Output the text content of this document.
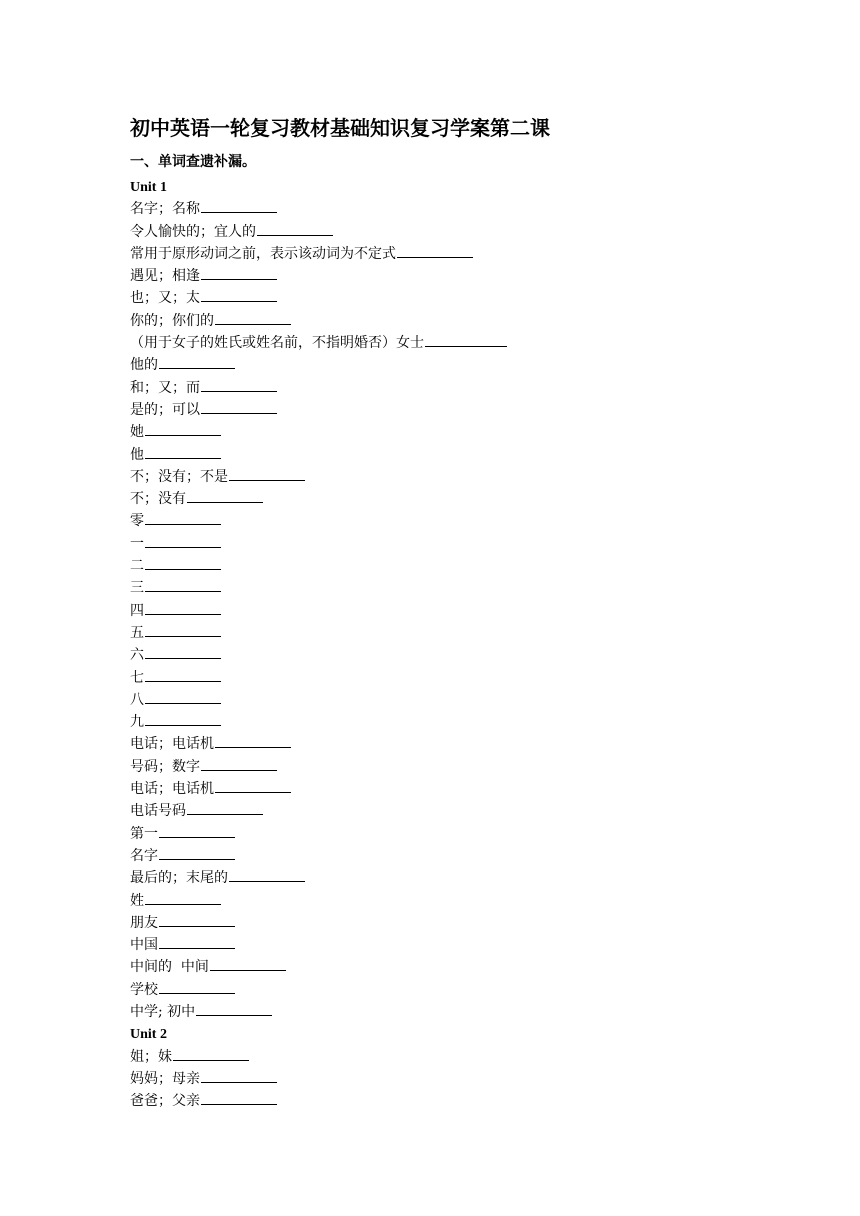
初中英语一轮复习教材基础知识复习学案第二课
一、单词查遗补漏。
Unit 1
名字；名称
令人愉快的；宜人的
常用于原形动词之前，表示该动词为不定式
遇见；相逢
也；又；太
你的；你们的
（用于女子的姓氏或姓名前，不指明婚否）女士
他的
和；又；而
是的；可以
她
他
不；没有；不是
不；没有
零
一
二
三
四
五
六
七
八
九
电话；电话机
号码；数字
电话；电话机
电话号码
第一
名字
最后的；末尾的
姓
朋友
中国
中间的  中间
学校
中学; 初中
Unit 2
姐；妹
妈妈；母亲
爸爸；父亲
